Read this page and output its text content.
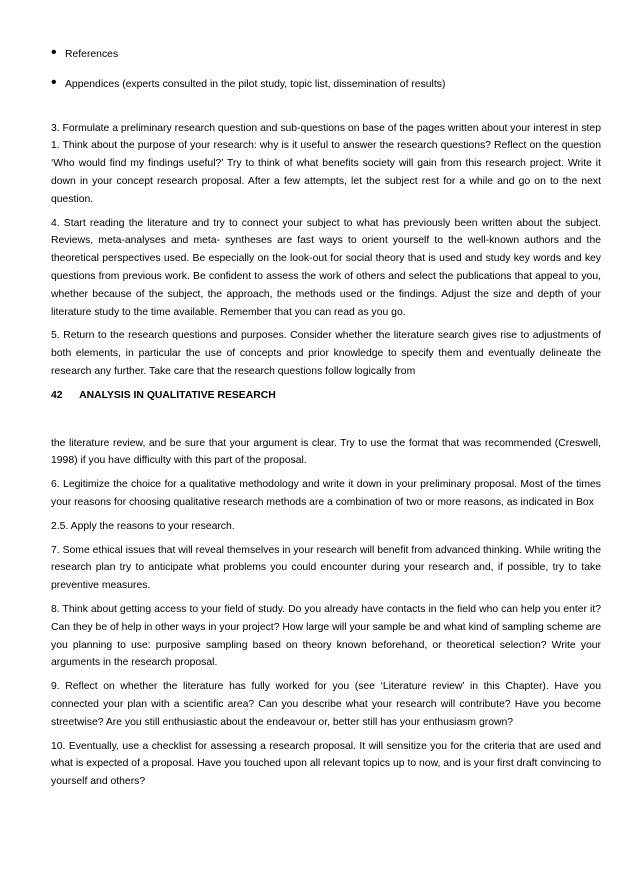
• References

• Appendices (experts consulted in the pilot study, topic list, dissemination of results)

3. Formulate a preliminary research question and sub-questions on base of the pages written about your interest in step 1. Think about the purpose of your research: why is it useful to answer the research questions? Reflect on the question ‘Who would find my findings useful?’ Try to think of what benefits society will gain from this research project. Write it down in your concept research proposal. After a few attempts, let the subject rest for a while and go on to the next question.

4. Start reading the literature and try to connect your subject to what has previously been written about the subject. Reviews, meta-analyses and meta- syntheses are fast ways to orient yourself to the well-known authors and the theoretical perspectives used. Be especially on the look-out for social theory that is used and study key words and key questions from previous work. Be confident to assess the work of others and select the publications that appeal to you, whether because of the subject, the approach, the methods used or the findings. Adjust the size and depth of your literature study to the time available. Remember that you can read as you go.

5. Return to the research questions and purposes. Consider whether the literature search gives rise to adjustments of both elements, in particular the use of concepts and prior knowledge to specify them and eventually delineate the research any further. Take care that the research questions follow logically from

42 ANALYSIS IN QUALITATIVE RESEARCH

the literature review, and be sure that your argument is clear. Try to use the format that was recommended (Creswell, 1998) if you have difficulty with this part of the proposal.

6. Legitimize the choice for a qualitative methodology and write it down in your preliminary proposal. Most of the times your reasons for choosing qualitative research methods are a combination of two or more reasons, as indicated in Box

2.5. Apply the reasons to your research.

7. Some ethical issues that will reveal themselves in your research will benefit from advanced thinking. While writing the research plan try to anticipate what problems you could encounter during your research and, if possible, try to take preventive measures.

8. Think about getting access to your field of study. Do you already have contacts in the field who can help you enter it? Can they be of help in other ways in your project? How large will your sample be and what kind of sampling scheme are you planning to use: purposive sampling based on theory known beforehand, or theoretical selection? Write your arguments in the research proposal.

9. Reflect on whether the literature has fully worked for you (see ‘Literature review’ in this Chapter). Have you connected your plan with a scientific area? Can you describe what your research will contribute? Have you become streetwise? Are you still enthusiastic about the endeavour or, better still has your enthusiasm grown?

10. Eventually, use a checklist for assessing a research proposal. It will sensitize you for the criteria that are used and what is expected of a proposal. Have you touched upon all relevant topics up to now, and is your first draft convincing to yourself and others?
